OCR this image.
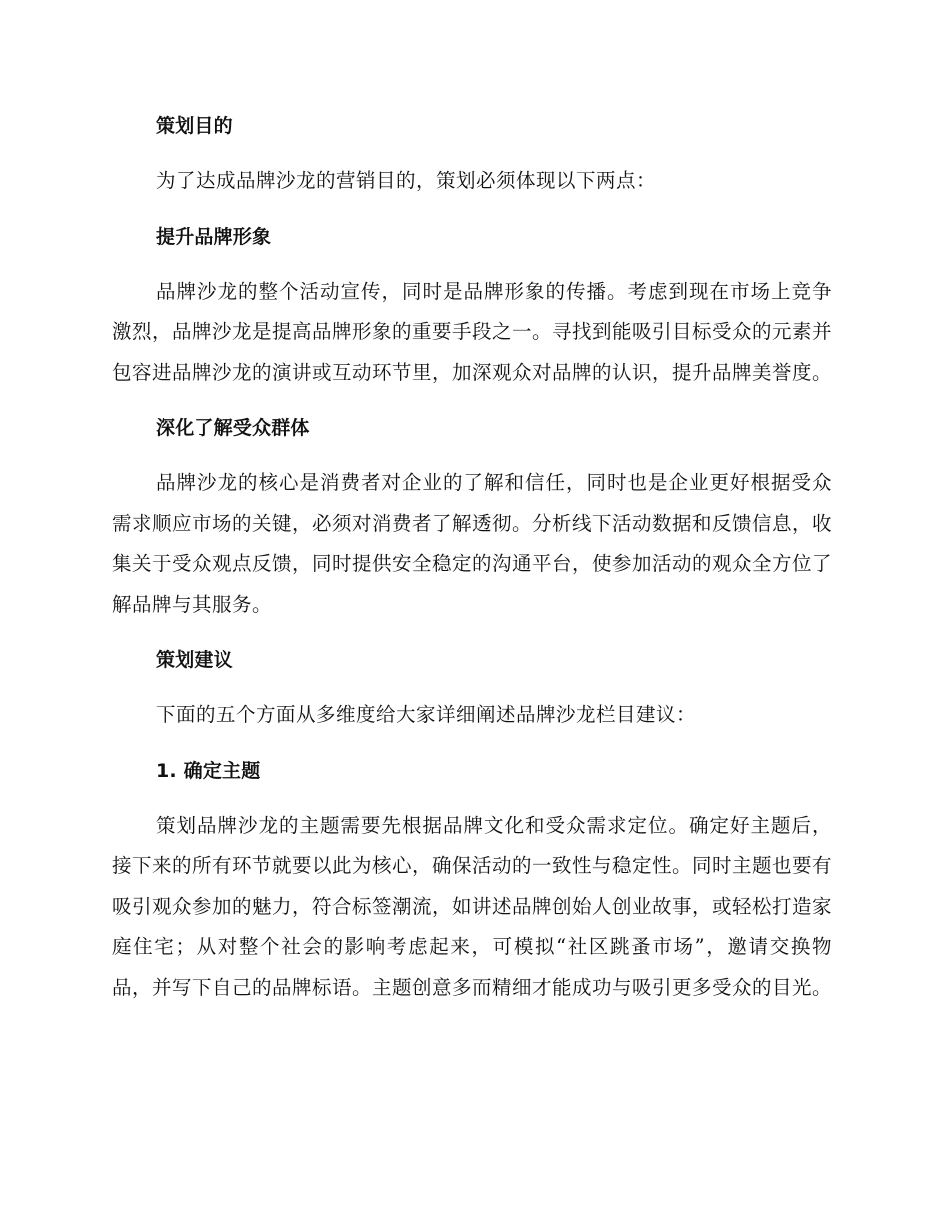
策划目的

为了达成品牌沙龙的营销目的，策划必须体现以下两点：

提升品牌形象

品牌沙龙的整个活动宣传，同时是品牌形象的传播。考虑到现在市场上竞争激烈，品牌沙龙是提高品牌形象的重要手段之一。寻找到能吸引目标受众的元素并包容进品牌沙龙的演讲或互动环节里，加深观众对品牌的认识，提升品牌美誉度。

深化了解受众群体

品牌沙龙的核心是消费者对企业的了解和信任，同时也是企业更好根据受众需求顺应市场的关键，必须对消费者了解透彻。分析线下活动数据和反馈信息，收集关于受众观点反馈，同时提供安全稳定的沟通平台，使参加活动的观众全方位了解品牌与其服务。

策划建议

下面的五个方面从多维度给大家详细阐述品牌沙龙栏目建议：

1. 确定主题

策划品牌沙龙的主题需要先根据品牌文化和受众需求定位。确定好主题后，接下来的所有环节就要以此为核心，确保活动的一致性与稳定性。同时主题也要有吸引观众参加的魅力，符合标签潮流，如讲述品牌创始人创业故事，或轻松打造家庭住宅；从对整个社会的影响考虑起来，可模拟“社区跳蚤市场”，邀请交换物品，并写下自己的品牌标语。主题创意多而精细才能成功与吸引更多受众的目光。
